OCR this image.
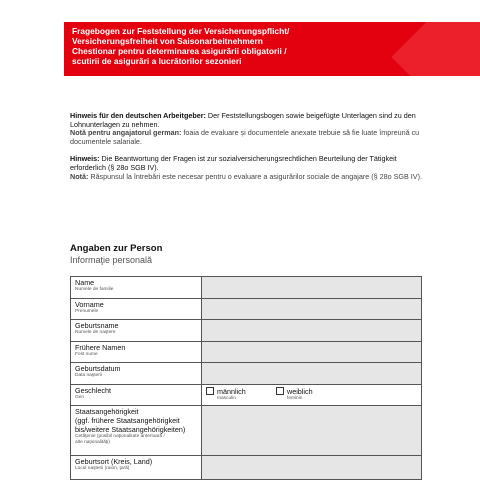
Fragebogen zur Feststellung der Versicherungspflicht/
Versicherungsfreiheit von Saisonarbeitnehmern
Chestionar pentru determinarea asigurării obligatorii /
scutirii de asigurări a lucrătorilor sezonieri

Hinweis für den deutschen Arbeitgeber: Der Feststellungsbogen sowie beigefügte Unterlagen sind zu den Lohnunterlagen zu nehmen.

Notă pentru angajatorul german: foaia de evaluare și documentele anexate trebuie să fie luate împreună cu documentele salariale.

Hinweis: Die Beantwortung der Fragen ist zur sozialversicherungsrechtlichen Beurteilung der Tätigkeit erforderlich (§ 28o SGB IV).

Notă: Răspunsul la întrebări este necesar pentru o evaluare a asigurărilor sociale de angajare (§ 28o SGB IV).

Angaben zur Person
Informaţie personală
Name
Numele de familie	

Vorname
Prenumele	

Geburtsname
Numele de naştere	

Frühere Namen
Fost nume	

Geburtsdatum
Data naşterii	

Geschlecht
Gen	männlich
masculin
weiblich
feminin

Staatsangehörigkeit
(ggf. frühere Staatsangehörigkeit
bis/weitere Staatsangehörigkeiten)
Cetăţenie (posibil naţionalitate anterioară /
alte naţionalităţi)	

Geburtsort (Kreis, Land)
Locul naşterii (raion, ţară)	
